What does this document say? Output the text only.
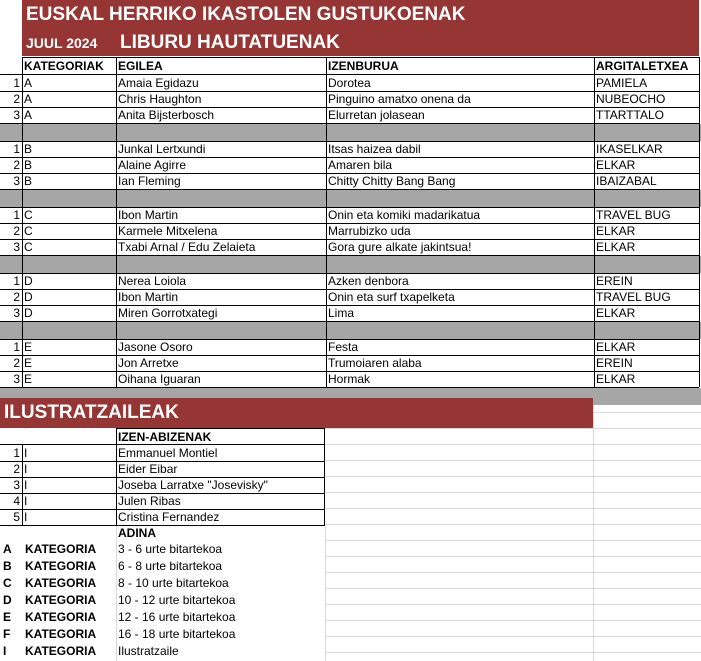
EUSKAL HERRIKO IKASTOLEN GUSTUKOENAK
JUUL 2024	LIBURU HAUTATUENAK
KATEGORIAK	EGILEA	IZENBURUA	ARGITALETXEA
1 A	Amaia Egidazu	Dorotea	PAMIELA
2 A	Chris Haughton	Pinguino amatxo onena da	NUBEOCHO
3 A	Anita Bijsterbosch	Elurretan jolasean	TTARTTALO
1 B	Junkal Lertxundi	Itsas haizea dabil	IKASELKAR
2 B	Alaine Agirre	Amaren bila	ELKAR
3 B	Ian Fleming	Chitty Chitty Bang Bang	IBAIZABAL
1 C	Ibon Martin	Onin eta komiki madarikatua	TRAVEL BUG
2 C	Karmele Mitxelena	Marrubizko uda	ELKAR
3 C	Txabi Arnal / Edu Zelaieta	Gora gure alkate jakintsua!	ELKAR
1 D	Nerea Loiola	Azken denbora	EREIN
2 D	Ibon Martin	Onin eta surf txapelketa	TRAVEL BUG
3 D	Miren Gorrotxategi	Lima	ELKAR
1 E	Jasone Osoro	Festa	ELKAR
2 E	Jon Arretxe	Trumoiaren alaba	EREIN
3 E	Oihana Iguaran	Hormak	ELKAR
ILUSTRATZAILEAK
IZEN-ABIZENAK
1 I	Emmanuel Montiel
2 I	Eider Eibar
3 I	Joseba Larratxe "Josevisky"
4 I	Julen Ribas
5 I	Cristina Fernandez
ADINA
A	KATEGORIA	3 - 6 urte bitartekoa
B	KATEGORIA	6 - 8 urte bitartekoa
C	KATEGORIA	8 - 10 urte bitartekoa
D	KATEGORIA	10 - 12 urte bitartekoa
E	KATEGORIA	12 - 16 urte bitartekoa
F	KATEGORIA	16 - 18 urte bitartekoa
I	KATEGORIA	Ilustratzaile
